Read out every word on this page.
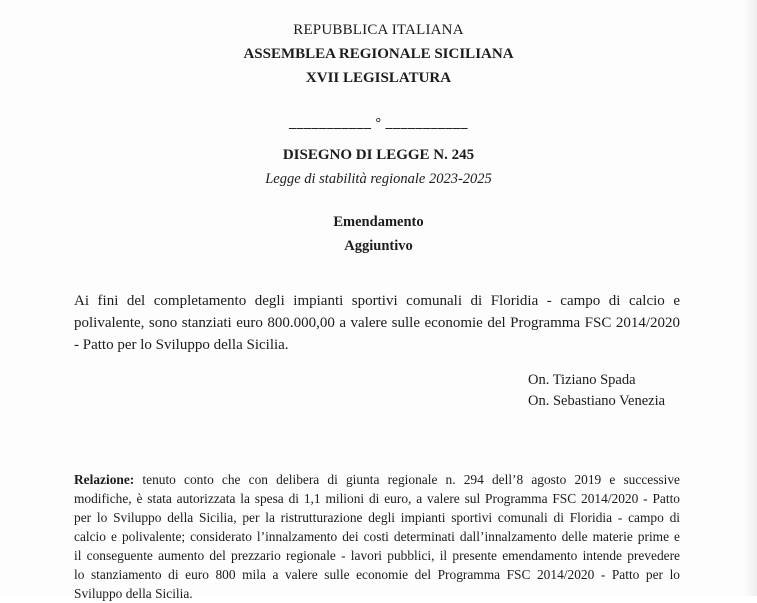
REPUBBLICA ITALIANA
ASSEMBLEA REGIONALE SICILIANA
XVII LEGISLATURA
___________ ° ___________
DISEGNO DI LEGGE N. 245
Legge di stabilità regionale 2023-2025
Emendamento
Aggiuntivo
Ai fini del completamento degli impianti sportivi comunali di Floridia - campo di calcio e
polivalente, sono stanziati euro 800.000,00 a valere sulle economie del Programma FSC 2014/2020
- Patto per lo Sviluppo della Sicilia.
On. Tiziano Spada
On. Sebastiano Venezia
Relazione: tenuto conto che con delibera di giunta regionale n. 294 dell’8 agosto 2019 e successive
modifiche, è stata autorizzata la spesa di 1,1 milioni di euro, a valere sul Programma FSC 2014/2020 - Patto
per lo Sviluppo della Sicilia, per la ristrutturazione degli impianti sportivi comunali di Floridia - campo di
calcio e polivalente; considerato l’innalzamento dei costi determinati dall’innalzamento delle materie prime e
il conseguente aumento del prezzario regionale - lavori pubblici, il presente emendamento intende prevedere
lo stanziamento di euro 800 mila a valere sulle economie del Programma FSC 2014/2020 - Patto per lo
Sviluppo della Sicilia.
